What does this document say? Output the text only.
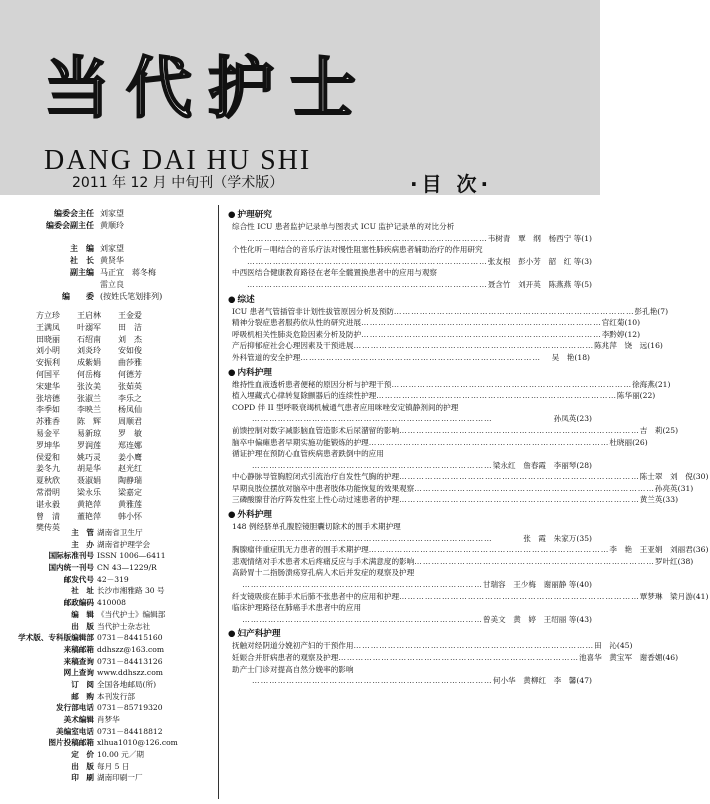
当代护士
DANG DAI HU SHI
2011 年 12 月 中旬刊（学术版）	·目 次·
编委会主任 刘家望
编委会副主任 黄顺玲
主　编 刘家望
社　长 黄贤华
副主编 马正宜　蒋冬梅
雷立良
编　　委 (按姓氏笔划排列)
方立珍 王启林 王金爱
王满凤 叶溺军 田　洁
田晓丽 石绍南 刘　杰
刘小明 刘炎玲 安如俊
安振利 成紫娟 曲莎雅
何国平 何岳梅 何德芳
宋建华 张汝美 张茹英
张培德 张淑兰 李乐之
李季如 李映兰 杨凤仙
苏雅香 陈　辉 周顺君
易金平 易新琼 罗　敏
罗坤华 罗润莲 郑连娜
侯爱和 姚巧灵 姜小鹰
姜冬九 胡是华 赵光红
夏秋欣 聂淑娟 陶静瑞
常滑明 梁永乐 梁嘉定
谌永毅 黄艳萍 黄雅莲
曾　清 董艳萍 韩小怀
樊传英
主　管 湖南省卫生厅
主　办 湖南省护理学会
国际标准刊号 ISSN 1006—6411
国内统一刊号 CN 43—1229/R
邮发代号 42－319
社　址 长沙市湘雅路 30 号
邮政编码 410008
编　辑 《当代护士》编辑部
出　版 当代护士杂志社
学术版、专科版编辑部 0731－84415160
来稿邮箱 ddhszz@163.com
来稿查询 0731－84413126
网上查询 www.ddhszz.com
订　阅 全国各地邮局(所)
邮　购 本刊发行部
发行部电话 0731－85719320
美术编辑 肖梦华
美编室电话 0731－84418812
图片投稿邮箱 xlhua1010@126.com
定　价 10.00 元／期
出　版 每月 5 日
印　刷 湖南印刷一厂
● 护理研究
综合性 ICU 患者监护记录单与图表式 ICU 监护记录单的对比分析
………………………………………………………………………… 韦树青　覃　纲　杨西宁 等(1)
个性化听－唱结合的音乐疗法对慢性阻塞性肺疾病患者辅助治疗的作用研究
………………………………………………………………………… 张友根　彭小芳　韶　红 等(3)
中西医结合健康教育路径在老年全髋置换患者中的应用与观察
………………………………………………………………………… 聂含竹　刘开英　陈燕燕 等(5)
● 综述
ICU 患者气管插管非计划性拔管原因分析及预防 ………………………………………………………………………… 彭孔艳(7)
精神分裂症患者服药依从性的研究进展 ………………………………………………………………………… 官红菊(10)
呼吸机相关性肺炎危险因素分析及防护 ………………………………………………………………………… 李黔婷(12)
产后抑郁症社会心理因素及干预进展 ………………………………………………………………………… 陈兆萍　饶　远(16)
外科管道的安全护理 …………………………………………………………………………	吴　艳(18)
● 内科护理
维持性血液透析患者便秘的原因分析与护理干预 ………………………………………………………………………… 徐海燕(21)
植入埋藏式心律转复除颤器后的连续性护理 ………………………………………………………………………… 陈华丽(22)
COPD 伴 II 型呼吸衰竭机械通气患者应用咪唑安定镇静剂间的护理
…………………………………………………………………………	孙凤英(23)
前馈控制对数字减影脑血管造影术后尿潴留的影响 ………………………………………………………………………… 吉　莉(25)
脑卒中偏瘫患者早期实施功能锻炼的护理 ………………………………………………………………………… 杜晓丽(26)
循证护理在预防心血管疾病患者跌倒中的应用
………………………………………………………………………… 梁永红　詹春霞　李丽琴(28)
中心静脉导管胸腔闭式引流治疗自发性气胸的护理 ………………………………………………………………………… 陈士翠　刘　倪(30)
早期良肢位摆放对脑卒中患者肢体功能恢复的效果观察 ………………………………………………………………………… 孙亮英(31)
三磷酸腺苷治疗阵发性室上性心动过速患者的护理 ………………………………………………………………………… 黄兰英(33)
● 外科护理
148 例经脐单孔腹腔镜胆囊切除术的围手术期护理
…………………………………………………………………………	张　霞　朱家万(35)
胸腺瘤伴重症肌无力患者的围手术期护理 ………………………………………………………………………… 李　艳　王亚娟　刘丽君(36)
悲观情绪对手术患者术后疼痛反应与手术满意度的影响 ………………………………………………………………………… 罗叶红(38)
高龄胃十二指肠溃疡穿孔病人术后并发症的观察及护理
………………………………………………………………………… 甘瑞容　王少梅　谢丽静 等(40)
纤支镜吸痰在肺手术后肺不张患者中的应用和护理 ………………………………………………………………………… 覃梦琳　梁月游(41)
临床护理路径在肺癌手术患者中的应用
………………………………………………………………………… 曾美文　黄　婷　王绍丽 等(43)
● 妇产科护理
抚触对经阴道分娩初产妇的干预作用 ………………………………………………………………………… 田　沁(45)
妊娠合并肝病患者的观察及护理 ………………………………………………………………………… 池喜华　黄宝军　谢香媚(46)
助产士门诊对提高自然分娩率的影响
………………………………………………………………………… 何小华　黄柳红　李　馨(47)
